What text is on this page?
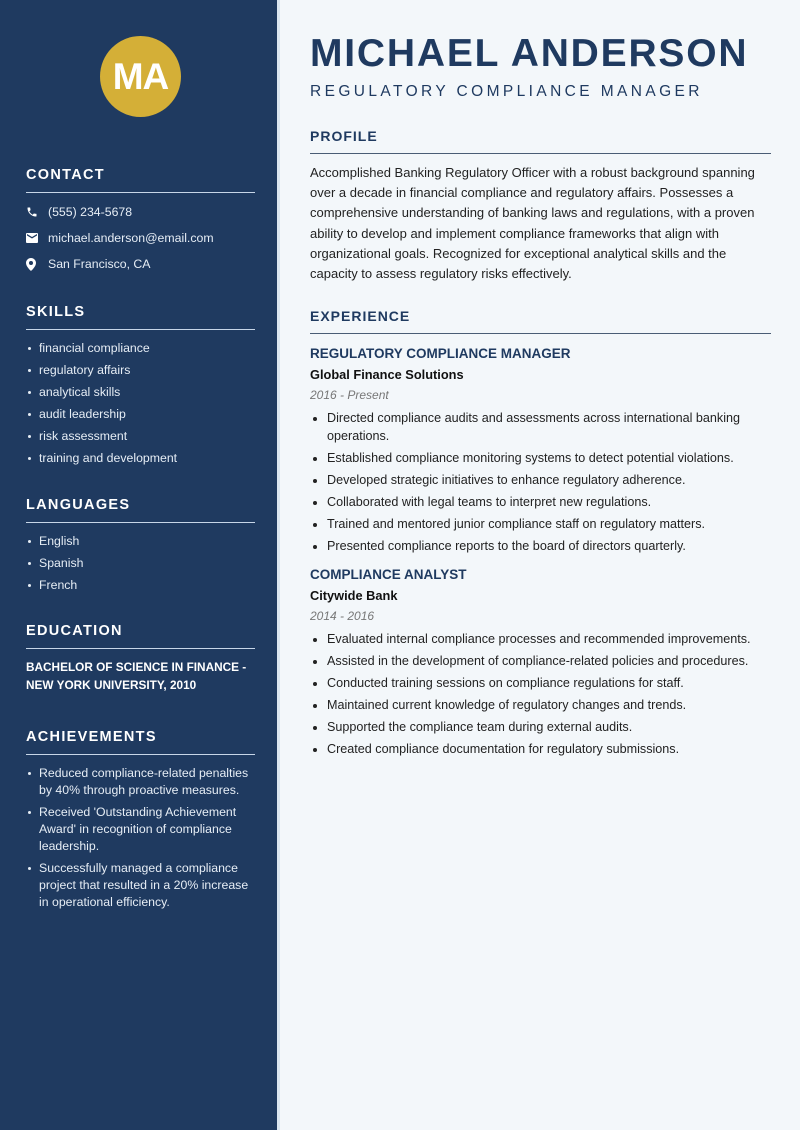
MA
CONTACT
(555) 234-5678
michael.anderson@email.com
San Francisco, CA
SKILLS
financial compliance
regulatory affairs
analytical skills
audit leadership
risk assessment
training and development
LANGUAGES
English
Spanish
French
EDUCATION
BACHELOR OF SCIENCE IN FINANCE - NEW YORK UNIVERSITY, 2010
ACHIEVEMENTS
Reduced compliance-related penalties by 40% through proactive measures.
Received 'Outstanding Achievement Award' in recognition of compliance leadership.
Successfully managed a compliance project that resulted in a 20% increase in operational efficiency.
MICHAEL ANDERSON
REGULATORY COMPLIANCE MANAGER
PROFILE

Accomplished Banking Regulatory Officer with a robust background spanning over a decade in financial compliance and regulatory affairs. Possesses a comprehensive understanding of banking laws and regulations, with a proven ability to develop and implement compliance frameworks that align with organizational goals. Recognized for exceptional analytical skills and the capacity to assess regulatory risks effectively.

EXPERIENCE
REGULATORY COMPLIANCE MANAGER
Global Finance Solutions
2016 - Present
Directed compliance audits and assessments across international banking operations.
Established compliance monitoring systems to detect potential violations.
Developed strategic initiatives to enhance regulatory adherence.
Collaborated with legal teams to interpret new regulations.
Trained and mentored junior compliance staff on regulatory matters.
Presented compliance reports to the board of directors quarterly.
COMPLIANCE ANALYST
Citywide Bank
2014 - 2016
Evaluated internal compliance processes and recommended improvements.
Assisted in the development of compliance-related policies and procedures.
Conducted training sessions on compliance regulations for staff.
Maintained current knowledge of regulatory changes and trends.
Supported the compliance team during external audits.
Created compliance documentation for regulatory submissions.
